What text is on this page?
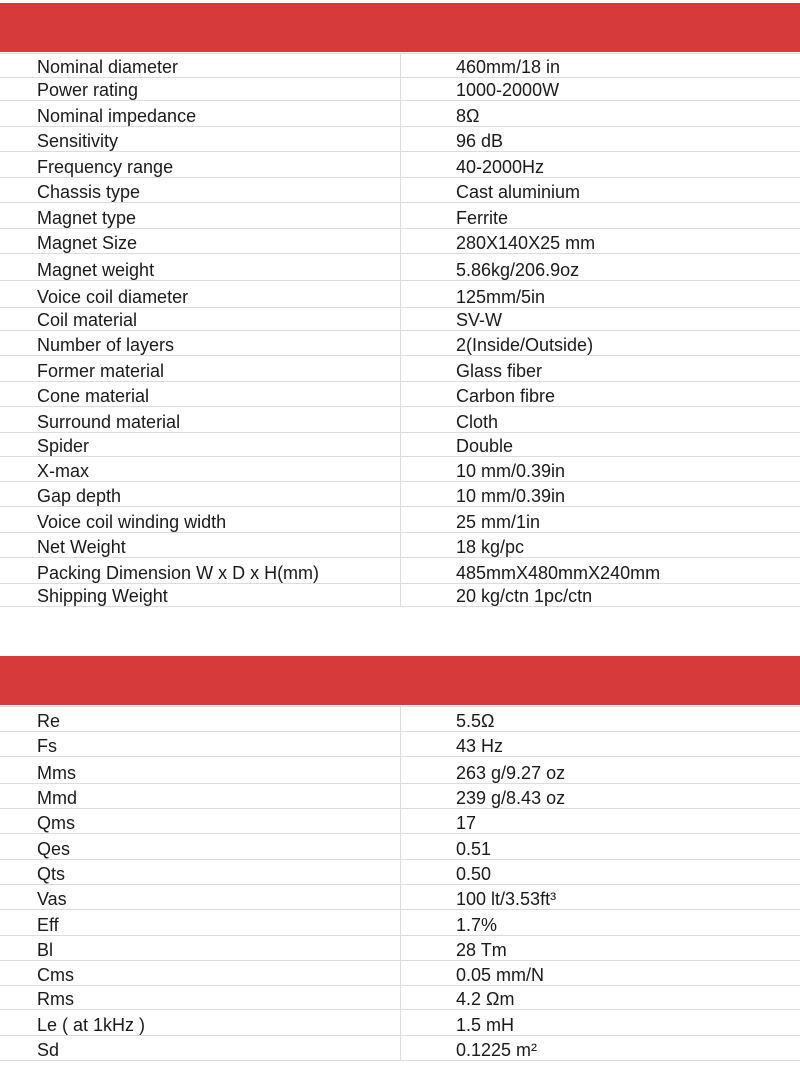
Nominal diameter	460mm/18 in
Power rating	1000-2000W
Nominal impedance	8Ω
Sensitivity	96 dB
Frequency range	40-2000Hz
Chassis type	Cast aluminium
Magnet type	Ferrite
Magnet Size	280X140X25 mm
Magnet weight	5.86kg/206.9oz
Voice coil diameter	125mm/5in
Coil material	SV-W
Number of layers	2(Inside/Outside)
Former material	Glass fiber
Cone material	Carbon fibre
Surround material	Cloth
Spider	Double
X-max	10 mm/0.39in
Gap depth	10 mm/0.39in
Voice coil winding width	25 mm/1in
Net Weight	18 kg/pc
Packing Dimension W x D x H(mm)	485mmX480mmX240mm
Shipping Weight	20 kg/ctn 1pc/ctn
Re	5.5Ω
Fs	43 Hz
Mms	263 g/9.27 oz
Mmd	239 g/8.43 oz
Qms	17
Qes	0.51
Qts	0.50
Vas	100 lt/3.53ft³
Eff	1.7%
Bl	28 Tm
Cms	0.05 mm/N
Rms	4.2 Ωm
Le ( at 1kHz )	1.5 mH
Sd	0.1225 m²
